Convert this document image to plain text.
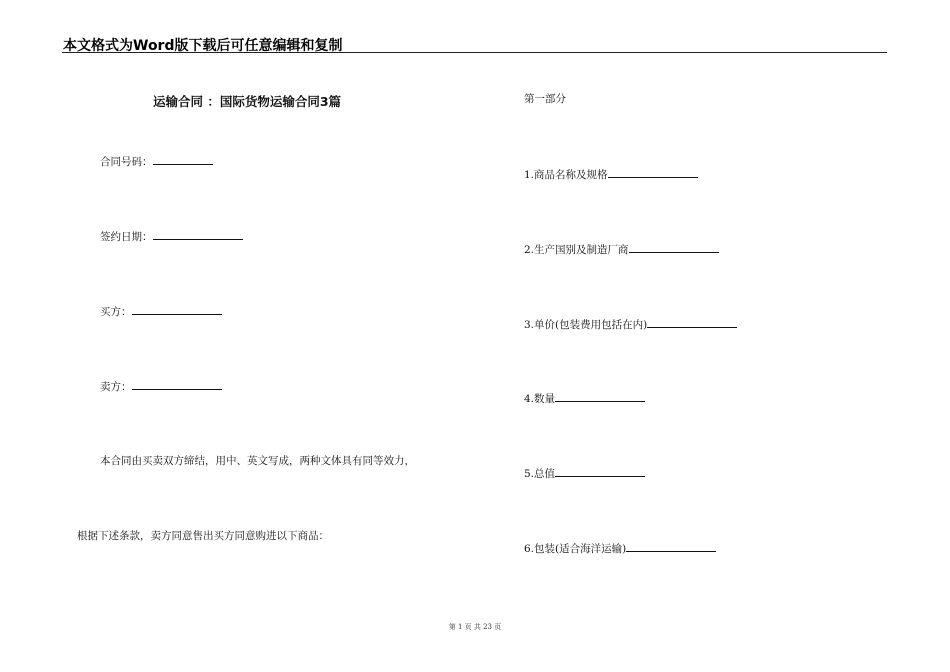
本文格式为Word版下载后可任意编辑和复制
运输合同 ：国际货物运输合同3篇
合同号码：
签约日期：
买方：
卖方：
本合同由买卖双方缔结，用中、英文写成，两种文体具有同等效力，
根据下述条款，卖方同意售出买方同意购进以下商品：
第一部分
1.商品名称及规格
2.生产国别及制造厂商
3.单价(包装费用包括在内)
4.数量
5.总值
6.包装(适合海洋运输)
第 1 页 共 23 页
